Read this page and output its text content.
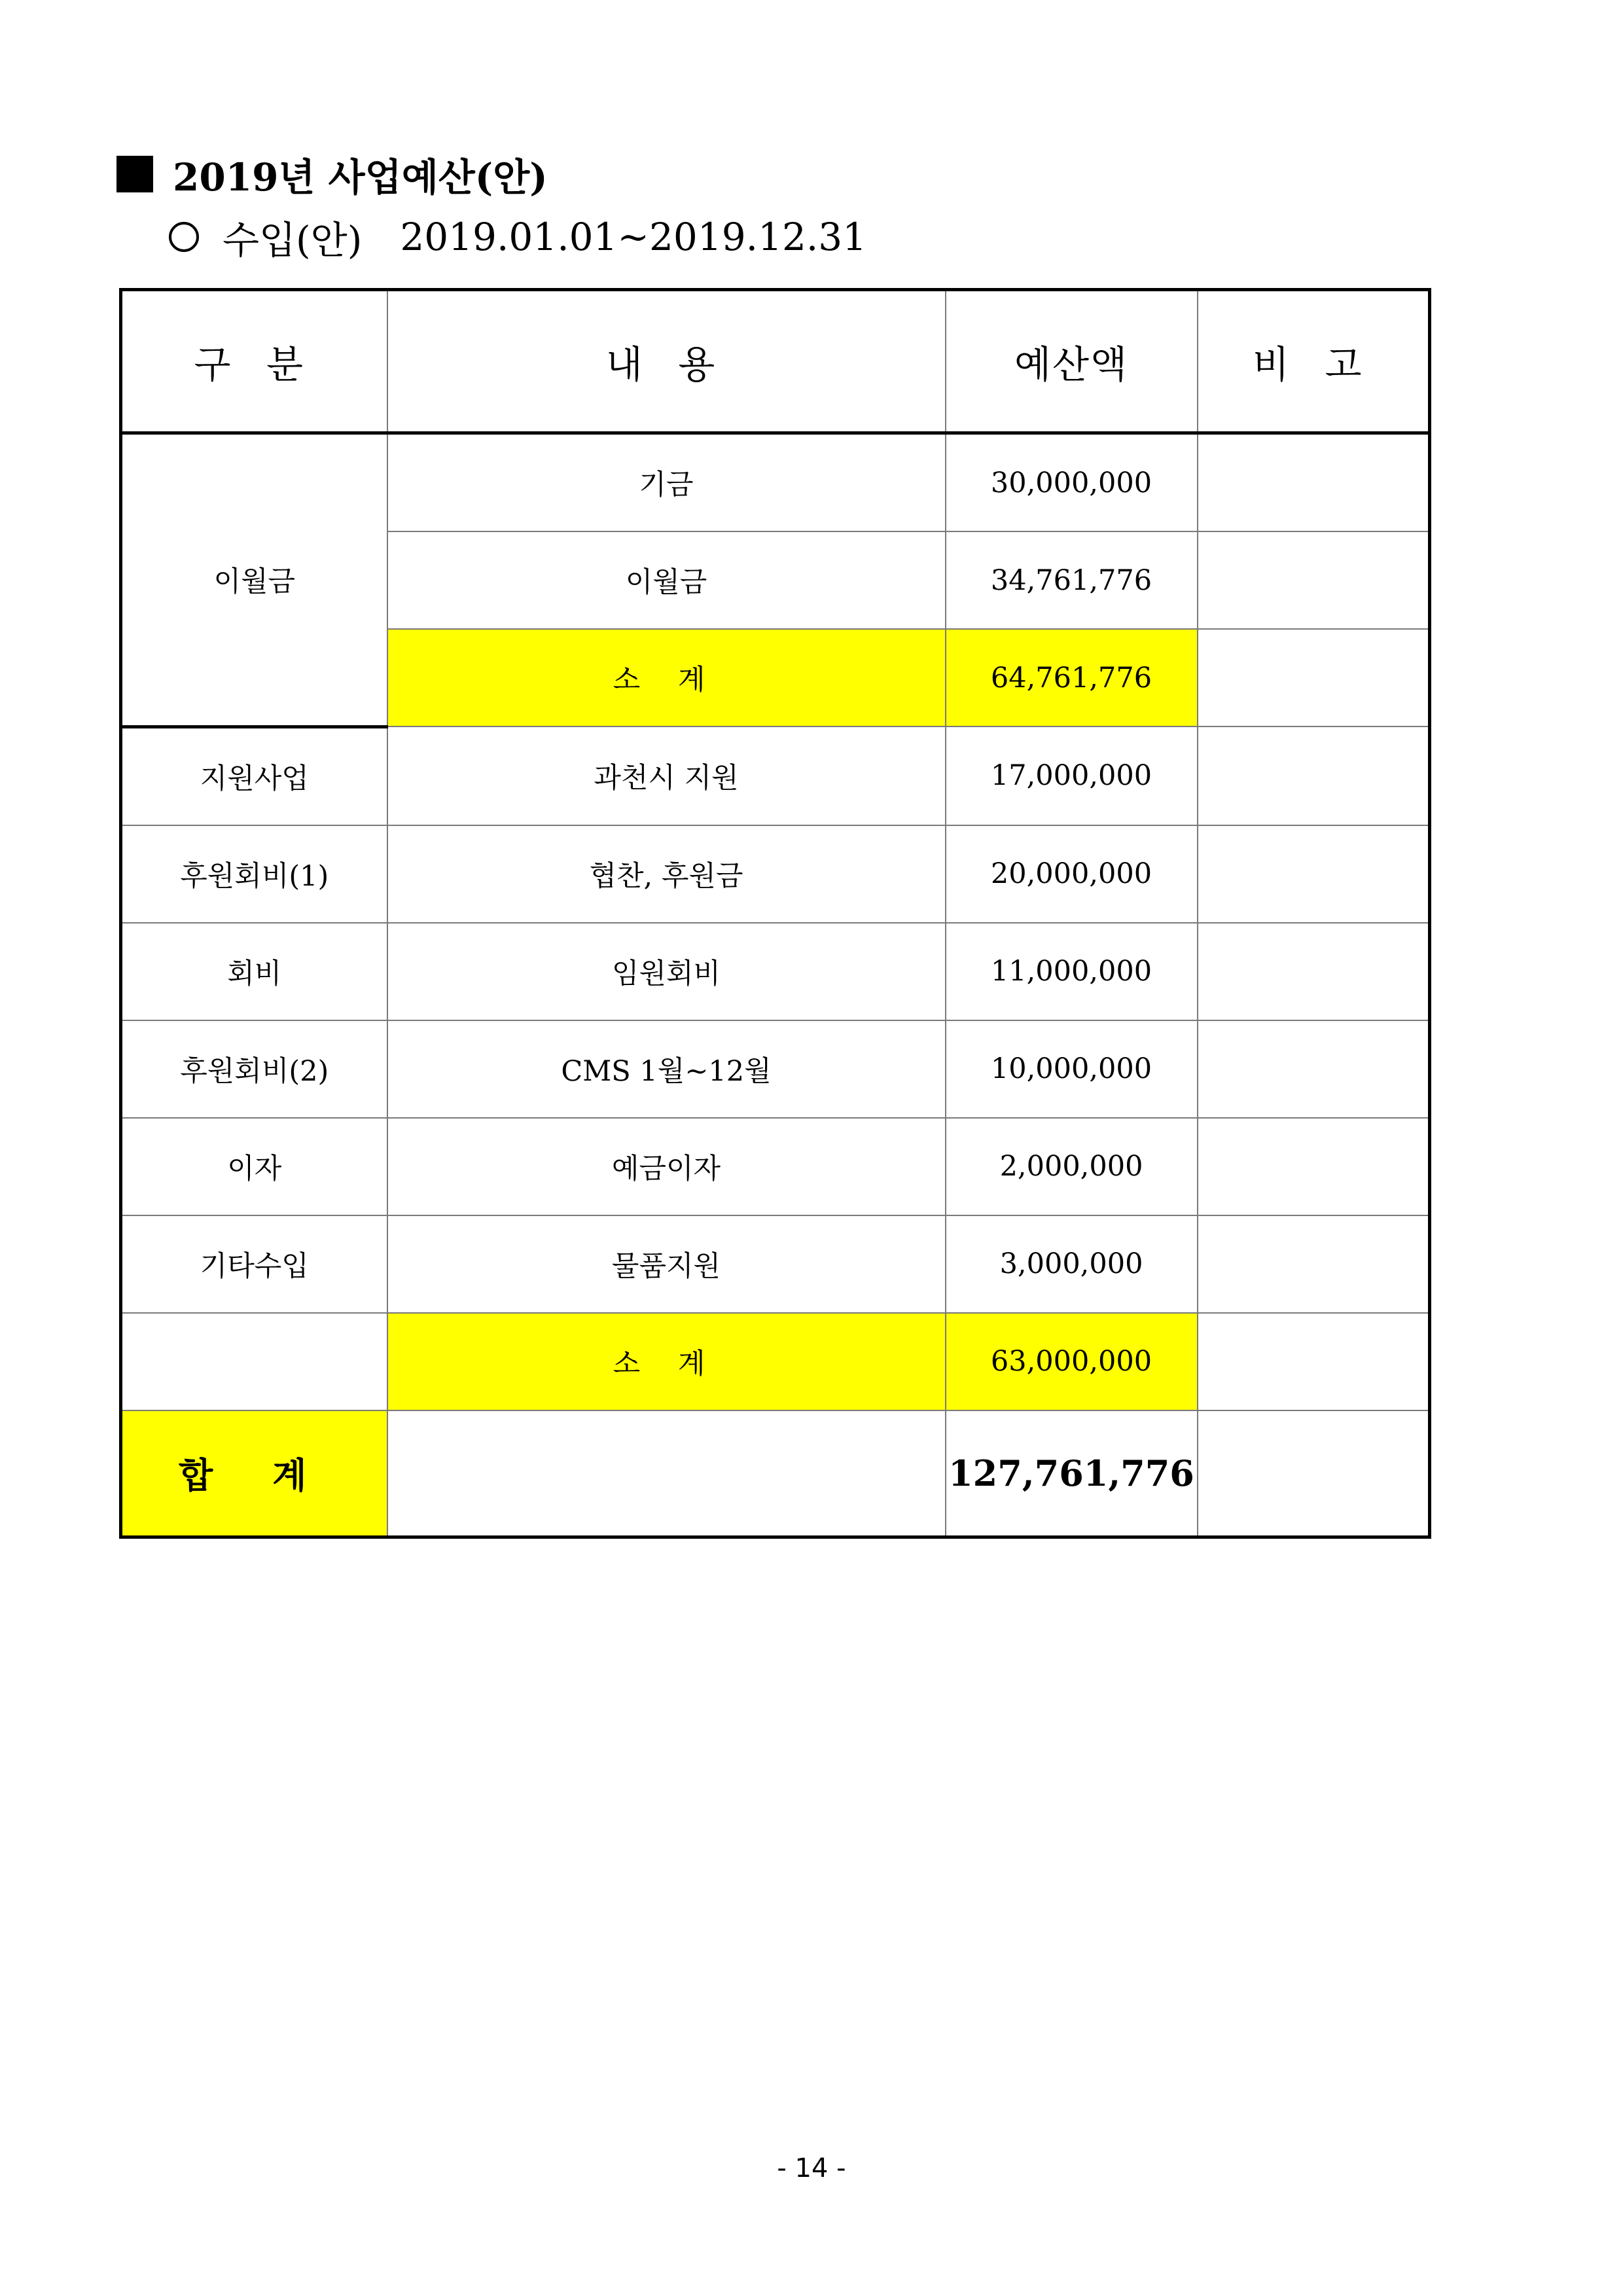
2019년 사업예산(안)
수입(안) 2019.01.01~2019.12.31
구 분	내 용	예산액	비 고
이월금	기금	30,000,000	
	이월금	34,761,776	
	소 계	64,761,776	
지원사업	과천시 지원	17,000,000	
후원회비(1)	협찬, 후원금	20,000,000	
회비	임원회비	11,000,000	
후원회비(2)	CMS 1월~12월	10,000,000	
이자	예금이자	2,000,000	
기타수입	물품지원	3,000,000	
	소 계	63,000,000	
합 계		127,761,776	
- 14 -
